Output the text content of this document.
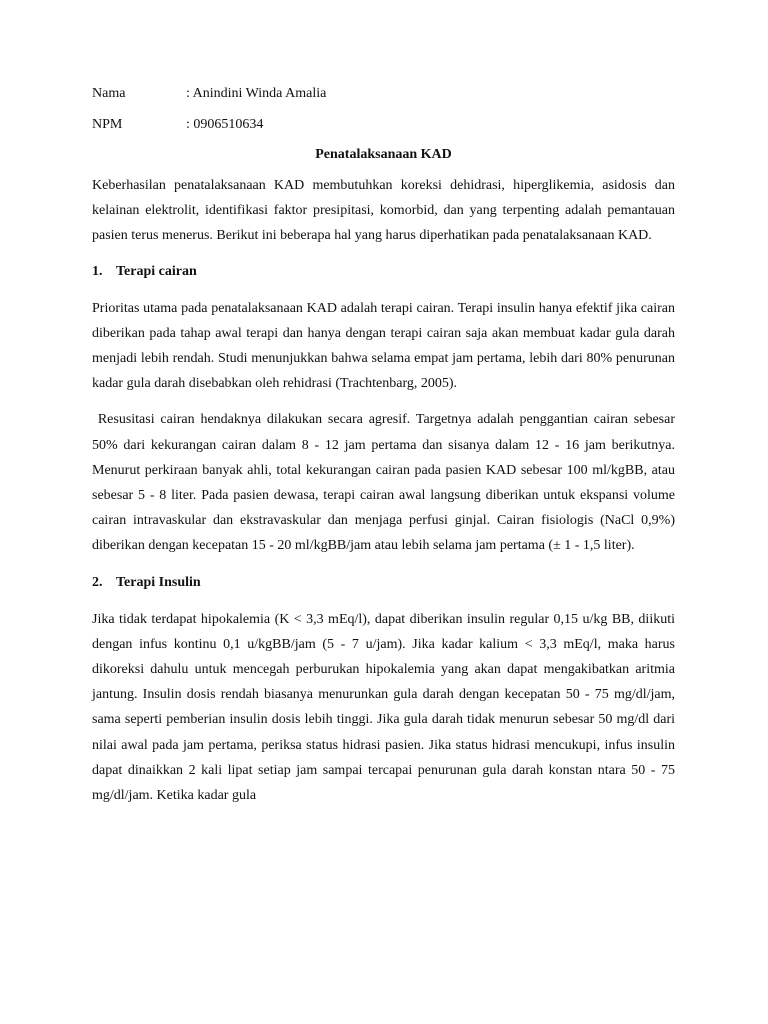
Nama	: Anindini Winda Amalia
NPM	: 0906510634
Penatalaksanaan KAD

Keberhasilan penatalaksanaan KAD membutuhkan koreksi dehidrasi, hiperglikemia, asidosis dan kelainan elektrolit, identifikasi faktor presipitasi, komorbid, dan yang terpenting adalah pemantauan pasien terus menerus. Berikut ini beberapa hal yang harus diperhatikan pada penatalaksanaan KAD.

1. Terapi cairan

Prioritas utama pada penatalaksanaan KAD adalah terapi cairan. Terapi insulin hanya efektif jika cairan diberikan pada tahap awal terapi dan hanya dengan terapi cairan saja akan membuat kadar gula darah menjadi lebih rendah. Studi menunjukkan bahwa selama empat jam pertama, lebih dari 80% penurunan kadar gula darah disebabkan oleh rehidrasi (Trachtenbarg, 2005).

Resusitasi cairan hendaknya dilakukan secara agresif. Targetnya adalah penggantian cairan sebesar 50% dari kekurangan cairan dalam 8 - 12 jam pertama dan sisanya dalam 12 - 16 jam berikutnya. Menurut perkiraan banyak ahli, total kekurangan cairan pada pasien KAD sebesar 100 ml/kgBB, atau sebesar 5 - 8 liter. Pada pasien dewasa, terapi cairan awal langsung diberikan untuk ekspansi volume cairan intravaskular dan ekstravaskular dan menjaga perfusi ginjal. Cairan fisiologis (NaCl 0,9%) diberikan dengan kecepatan 15 - 20 ml/kgBB/jam atau lebih selama jam pertama (± 1 - 1,5 liter).

2. Terapi Insulin

Jika tidak terdapat hipokalemia (K < 3,3 mEq/l), dapat diberikan insulin regular 0,15 u/kg BB, diikuti dengan infus kontinu 0,1 u/kgBB/jam (5 - 7 u/jam). Jika kadar kalium < 3,3 mEq/l, maka harus dikoreksi dahulu untuk mencegah perburukan hipokalemia yang akan dapat mengakibatkan aritmia jantung. Insulin dosis rendah biasanya menurunkan gula darah dengan kecepatan 50 - 75 mg/dl/jam, sama seperti pemberian insulin dosis lebih tinggi. Jika gula darah tidak menurun sebesar 50 mg/dl dari nilai awal pada jam pertama, periksa status hidrasi pasien. Jika status hidrasi mencukupi, infus insulin dapat dinaikkan 2 kali lipat setiap jam sampai tercapai penurunan gula darah konstan ntara 50 - 75 mg/dl/jam. Ketika kadar gula
